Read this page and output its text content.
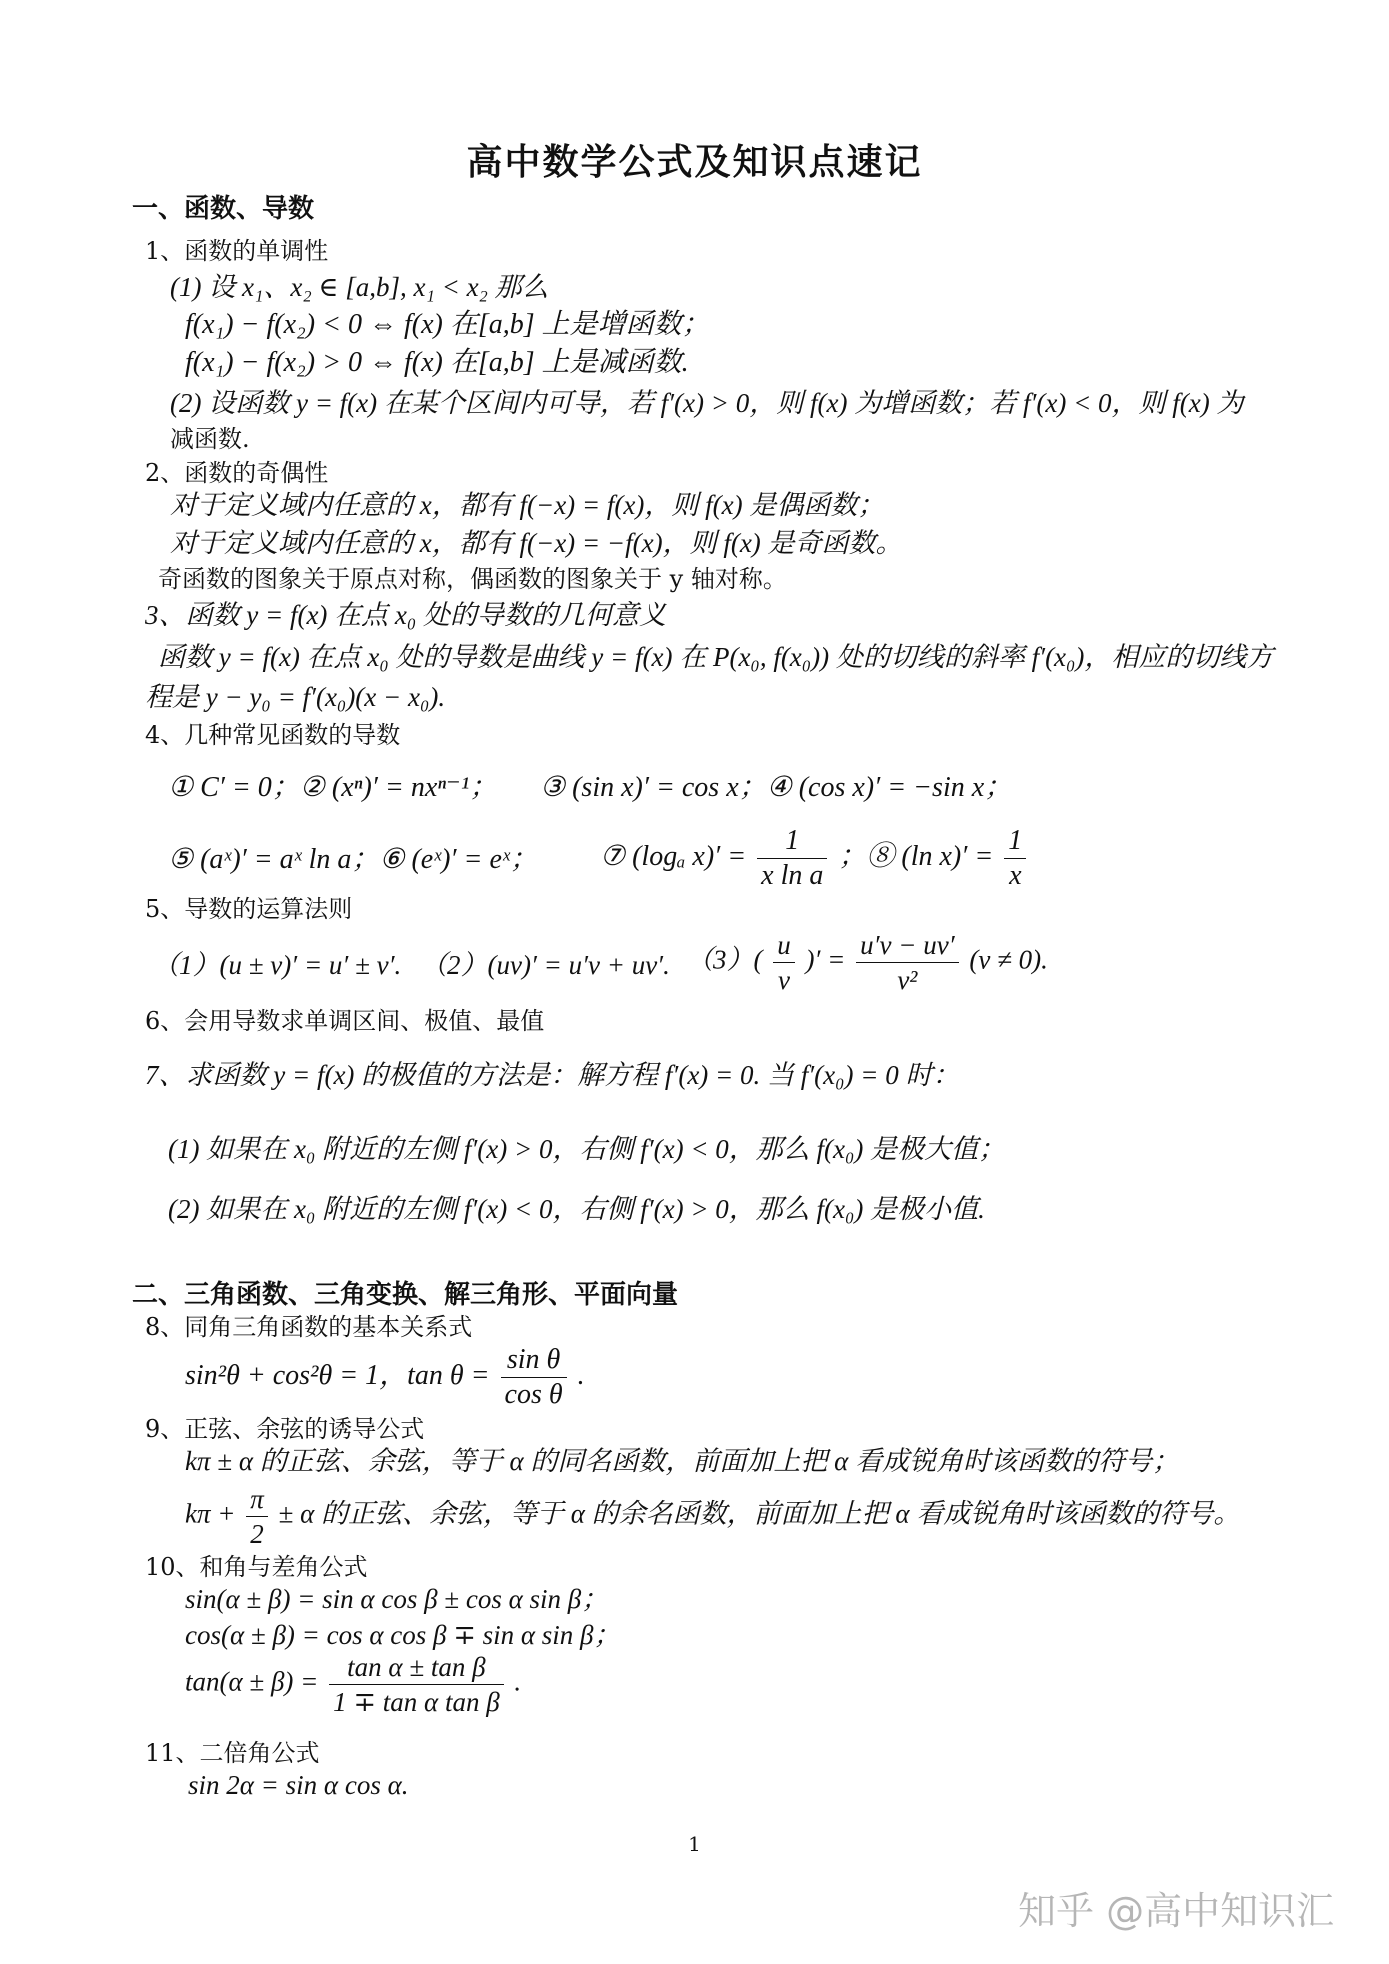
高中数学公式及知识点速记
一、函数、导数
1、函数的单调性
(1) 设 x₁、x₂ ∈ [a,b], x₁ < x₂ 那么
f(x₁) − f(x₂) < 0 ⇔ f(x) 在[a,b] 上是增函数；
f(x₁) − f(x₂) > 0 ⇔ f(x) 在[a,b] 上是减函数.
(2) 设函数 y = f(x) 在某个区间内可导，若 f′(x) > 0，则 f(x) 为增函数；若 f′(x) < 0，则 f(x) 为
减函数.
2、函数的奇偶性
对于定义域内任意的 x，都有 f(−x) = f(x)，则 f(x) 是偶函数；
对于定义域内任意的 x，都有 f(−x) = −f(x)，则 f(x) 是奇函数。
奇函数的图象关于原点对称，偶函数的图象关于 y 轴对称。
3、函数 y = f(x) 在点 x₀ 处的导数的几何意义
函数 y = f(x) 在点 x₀ 处的导数是曲线 y = f(x) 在 P(x₀, f(x₀)) 处的切线的斜率 f′(x₀)，相应的切线方
程是 y − y₀ = f′(x₀)(x − x₀).
4、几种常见函数的导数
① C′ = 0；② (xⁿ)′ = nxⁿ⁻¹； ③ (sin x)′ = cos x；④ (cos x)′ = −sin x；
⑤ (aˣ)′ = aˣ ln a；⑥ (eˣ)′ = eˣ； ⑦ (logₐ $x)' = \frac{1}{\text{x ln a}}$ ；⑧ (ln $x)' = \frac{1}{x}$
5、导数的运算法则
（1）(u ± v)′ = u′ ± v′. （2）(uv)′ = u′v + uv′. $(3)( \frac{u}{v}$ )′ = $\frac{u'v - uv'}{\text{v²}} (v \ne 0)$.
6、会用导数求单调区间、极值、最值
7、求函数 y = f(x) 的极值的方法是：解方程 f′(x) = 0. 当 f′(x₀) = 0 时：
(1) 如果在 x₀ 附近的左侧 f′(x) > 0，右侧 f′(x) < 0，那么 f(x₀) 是极大值；
(2) 如果在 x₀ 附近的左侧 f′(x) < 0，右侧 f′(x) > 0，那么 f(x₀) 是极小值.
二、三角函数、三角变换、解三角形、平面向量
8、同角三角函数的基本关系式
sin²θ + cos²θ = 1，$\tan \theta = \frac{\text{sin θ}}{\text{cos θ}}$ .
9、正弦、余弦的诱导公式
kπ ± α 的正弦、余弦，等于 α 的同名函数，前面加上把 α 看成锐角时该函数的符号；
$k\pi + \frac{\pi}{2} \pm \alpha$ 的正弦、余弦，等于 α 的余名函数，前面加上把 α 看成锐角时该函数的符号。
10、和角与差角公式
sin(α ± β) = sin α cos β ± cos α sin β；
cos(α ± β) = cos α cos β ∓ sin α sin β；
$\tan(\alpha \pm \beta) = \frac{\text{tan α ± tan β}}{\text{1 ∓ tan α tan β}}$ .
11、二倍角公式
sin 2α = sin α cos α.
1
知乎 @高中知识汇
